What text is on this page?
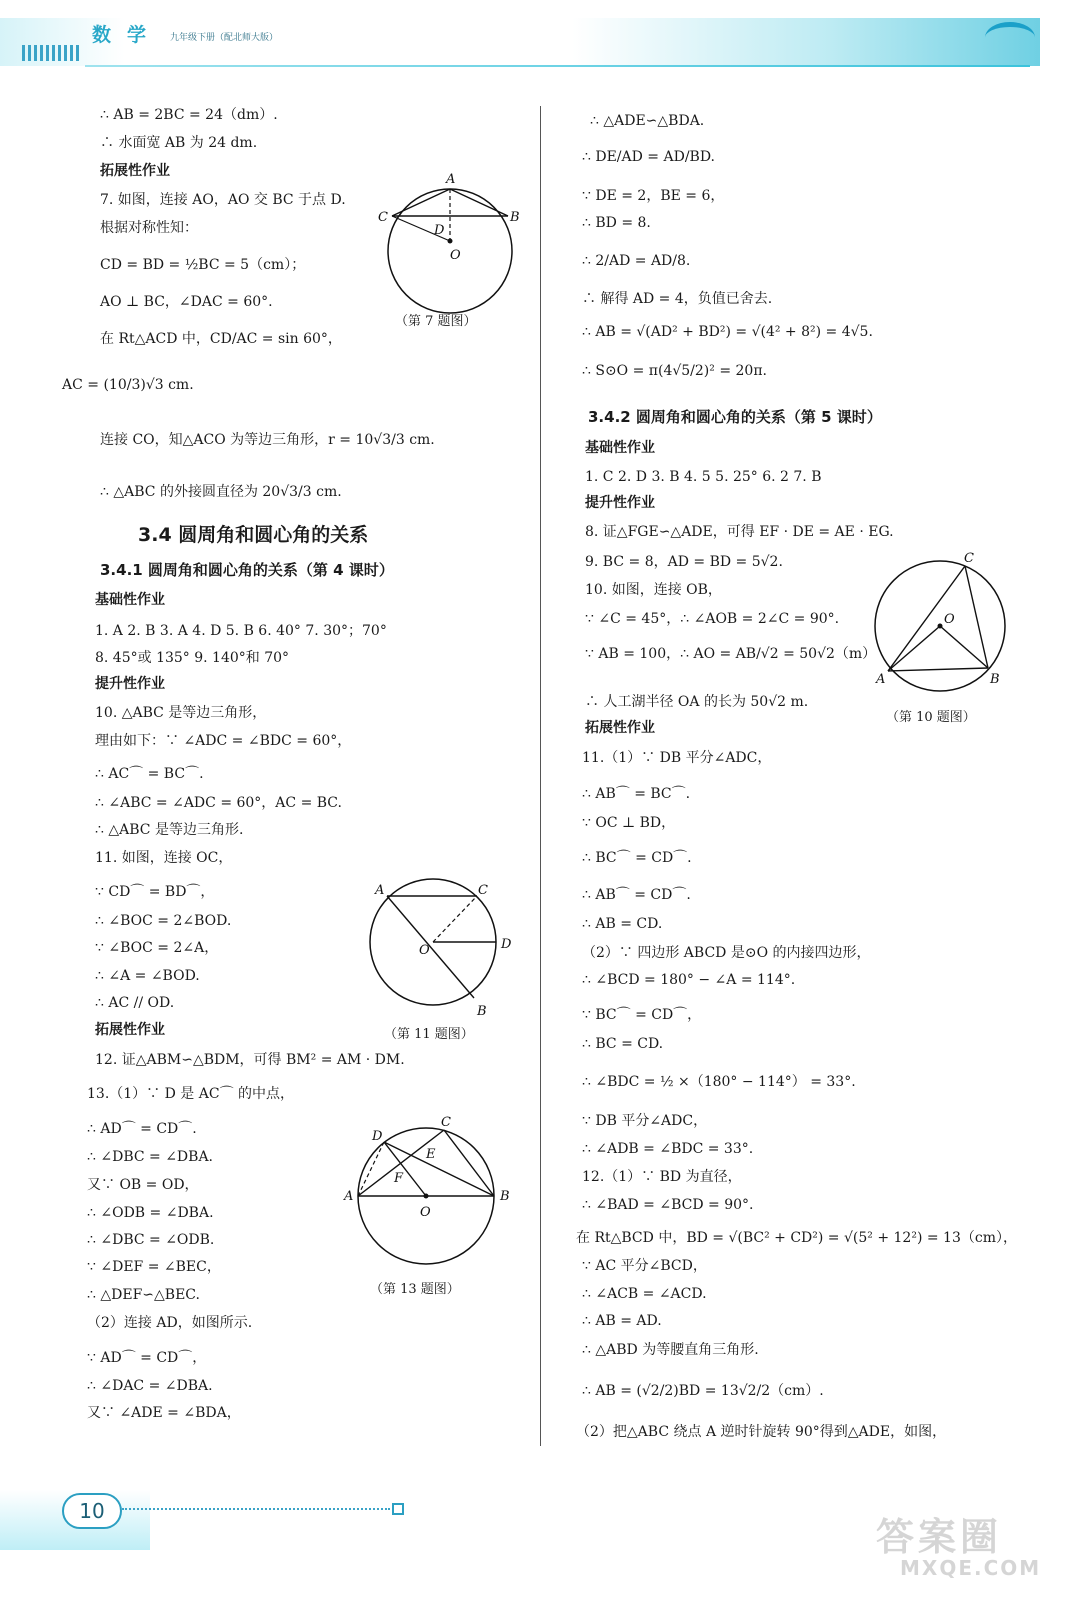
数学 九年级下册（配北师大版）
∴ AB = 2BC = 24（dm）.
∴ 水面宽 AB 为 24 dm.
拓展性作业
7. 如图，连接 AO，AO 交 BC 于点 D.
根据对称性知：
CD = BD = ½BC = 5（cm）；
AO ⊥ BC，∠DAC = 60°.
在 Rt△ACD 中，CD/AC = sin 60°，
AC = (10/3)√3 cm.
连接 CO，知△ACO 为等边三角形，r = 10√3/3 cm.
∴ △ABC 的外接圆直径为 20√3/3 cm.
A
B
C
D
O
（第 7 题图）
3.4 圆周角和圆心角的关系
3.4.1 圆周角和圆心角的关系（第 4 课时）
基础性作业
1. A 2. B 3. A 4. D 5. B 6. 40° 7. 30°；70°
8. 45°或 135° 9. 140°和 70°
提升性作业
10. △ABC 是等边三角形，
理由如下：∵ ∠ADC = ∠BDC = 60°，
∴ AC⌒ = BC⌒.
∴ ∠ABC = ∠ADC = 60°，AC = BC.
∴ △ABC 是等边三角形.
11. 如图，连接 OC，
∵ CD⌒ = BD⌒，
∴ ∠BOC = 2∠BOD.
∵ ∠BOC = 2∠A，
∴ ∠A = ∠BOD.
∴ AC // OD.
A	C
D
O
B
（第 11 题图）
拓展性作业
12. 证△ABM∽△BDM，可得 BM² = AM · DM.
13.（1）∵ D 是 AC⌒ 的中点，
∴ AD⌒ = CD⌒.
∴ ∠DBC = ∠DBA.
又∵ OB = OD，
∴ ∠ODB = ∠DBA.
∴ ∠DBC = ∠ODB.
∵ ∠DEF = ∠BEC，
∴ △DEF∽△BEC.
（2）连接 AD，如图所示.
∵ AD⌒ = CD⌒，
∴ ∠DAC = ∠DBA.
又∵ ∠ADE = ∠BDA，
D
C
E
F
A	B
O
（第 13 题图）
∴ △ADE∽△BDA.
∴ DE/AD = AD/BD.
∵ DE = 2，BE = 6，
∴ BD = 8.
∴ 2/AD = AD/8.
∴ 解得 AD = 4，负值已舍去.
∴ AB = √(AD² + BD²) = √(4² + 8²) = 4√5.
∴ S⊙O = π(4√5/2)² = 20π.
3.4.2 圆周角和圆心角的关系（第 5 课时）
基础性作业
1. C 2. D 3. B 4. 5 5. 25° 6. 2 7. B
提升性作业
8. 证△FGE∽△ADE，可得 EF · DE = AE · EG.
9. BC = 8，AD = BD = 5√2.
10. 如图，连接 OB，
∵ ∠C = 45°，∴ ∠AOB = 2∠C = 90°.
∵ AB = 100，∴ AO = AB/√2 = 50√2（m）
∴ 人工湖半径 OA 的长为 50√2 m.
C
O
A	B
（第 10 题图）
拓展性作业
11.（1）∵ DB 平分∠ADC，
∴ AB⌒ = BC⌒.
∵ OC ⊥ BD，
∴ BC⌒ = CD⌒.
∴ AB⌒ = CD⌒.
∴ AB = CD.
（2）∵ 四边形 ABCD 是⊙O 的内接四边形，
∴ ∠BCD = 180° − ∠A = 114°.
∵ BC⌒ = CD⌒，
∴ BC = CD.
∴ ∠BDC = ½ ×（180° − 114°） = 33°.
∵ DB 平分∠ADC，
∴ ∠ADB = ∠BDC = 33°.
12.（1）∵ BD 为直径，
∴ ∠BAD = ∠BCD = 90°.
在 Rt△BCD 中，BD = √(BC² + CD²) = √(5² + 12²) = 13（cm），
∵ AC 平分∠BCD，
∴ ∠ACB = ∠ACD.
∴ AB = AD.
∴ △ABD 为等腰直角三角形.
∴ AB = (√2/2)BD = 13√2/2（cm）.
（2）把△ABC 绕点 A 逆时针旋转 90°得到△ADE，如图，
10
答案圈
MXQE.COM
